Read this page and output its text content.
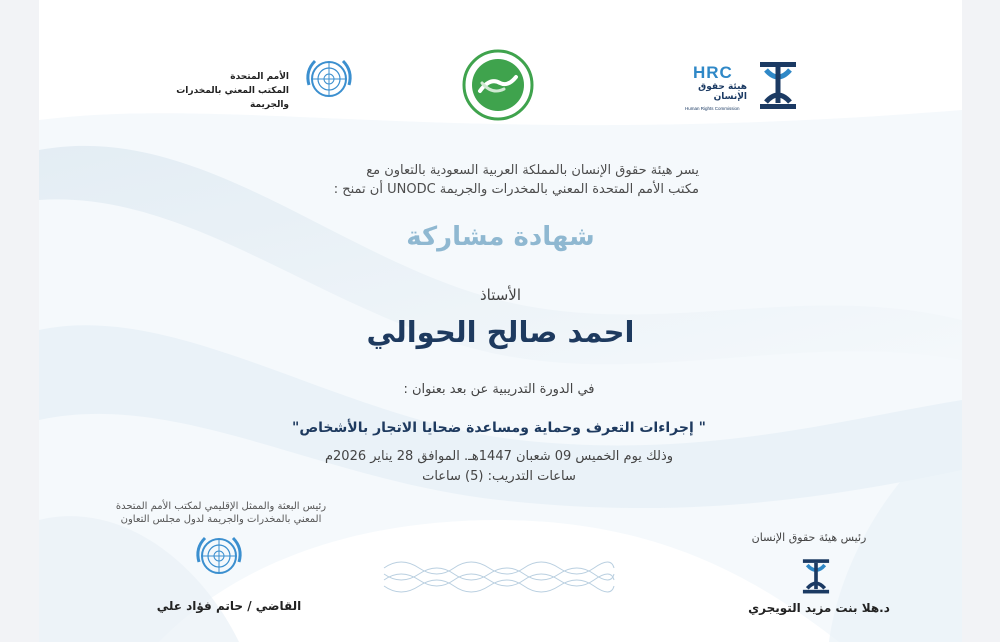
الأمم المتحدة
المكتب المعني بالمخدرات والجريمة
HRC
هيئة حقوق الإنسان
Human Rights Commission
يسر هيئة حقوق الإنسان بالمملكة العربية السعودية بالتعاون مع
مكتب الأمم المتحدة المعني بالمخدرات والجريمة UNODC أن تمنح :
شهادة مشاركة
الأستاذ
احمد صالح الحوالي
في الدورة التدريبية عن بعد بعنوان :
" إجراءات التعرف وحماية ومساعدة ضحايا الاتجار بالأشخاص"
وذلك يوم الخميس 09 شعبان 1447هـ. الموافق 28 يناير 2026م
ساعات التدريب: (5) ساعات
رئيس البعثة والممثل الإقليمي لمكتب الأمم المتحدة
المعني بالمخدرات والجريمة لدول مجلس التعاون
القاضي / حاتم فؤاد علي
رئيس هيئة حقوق الإنسان
د.هلا بنت مزيد التويجري
